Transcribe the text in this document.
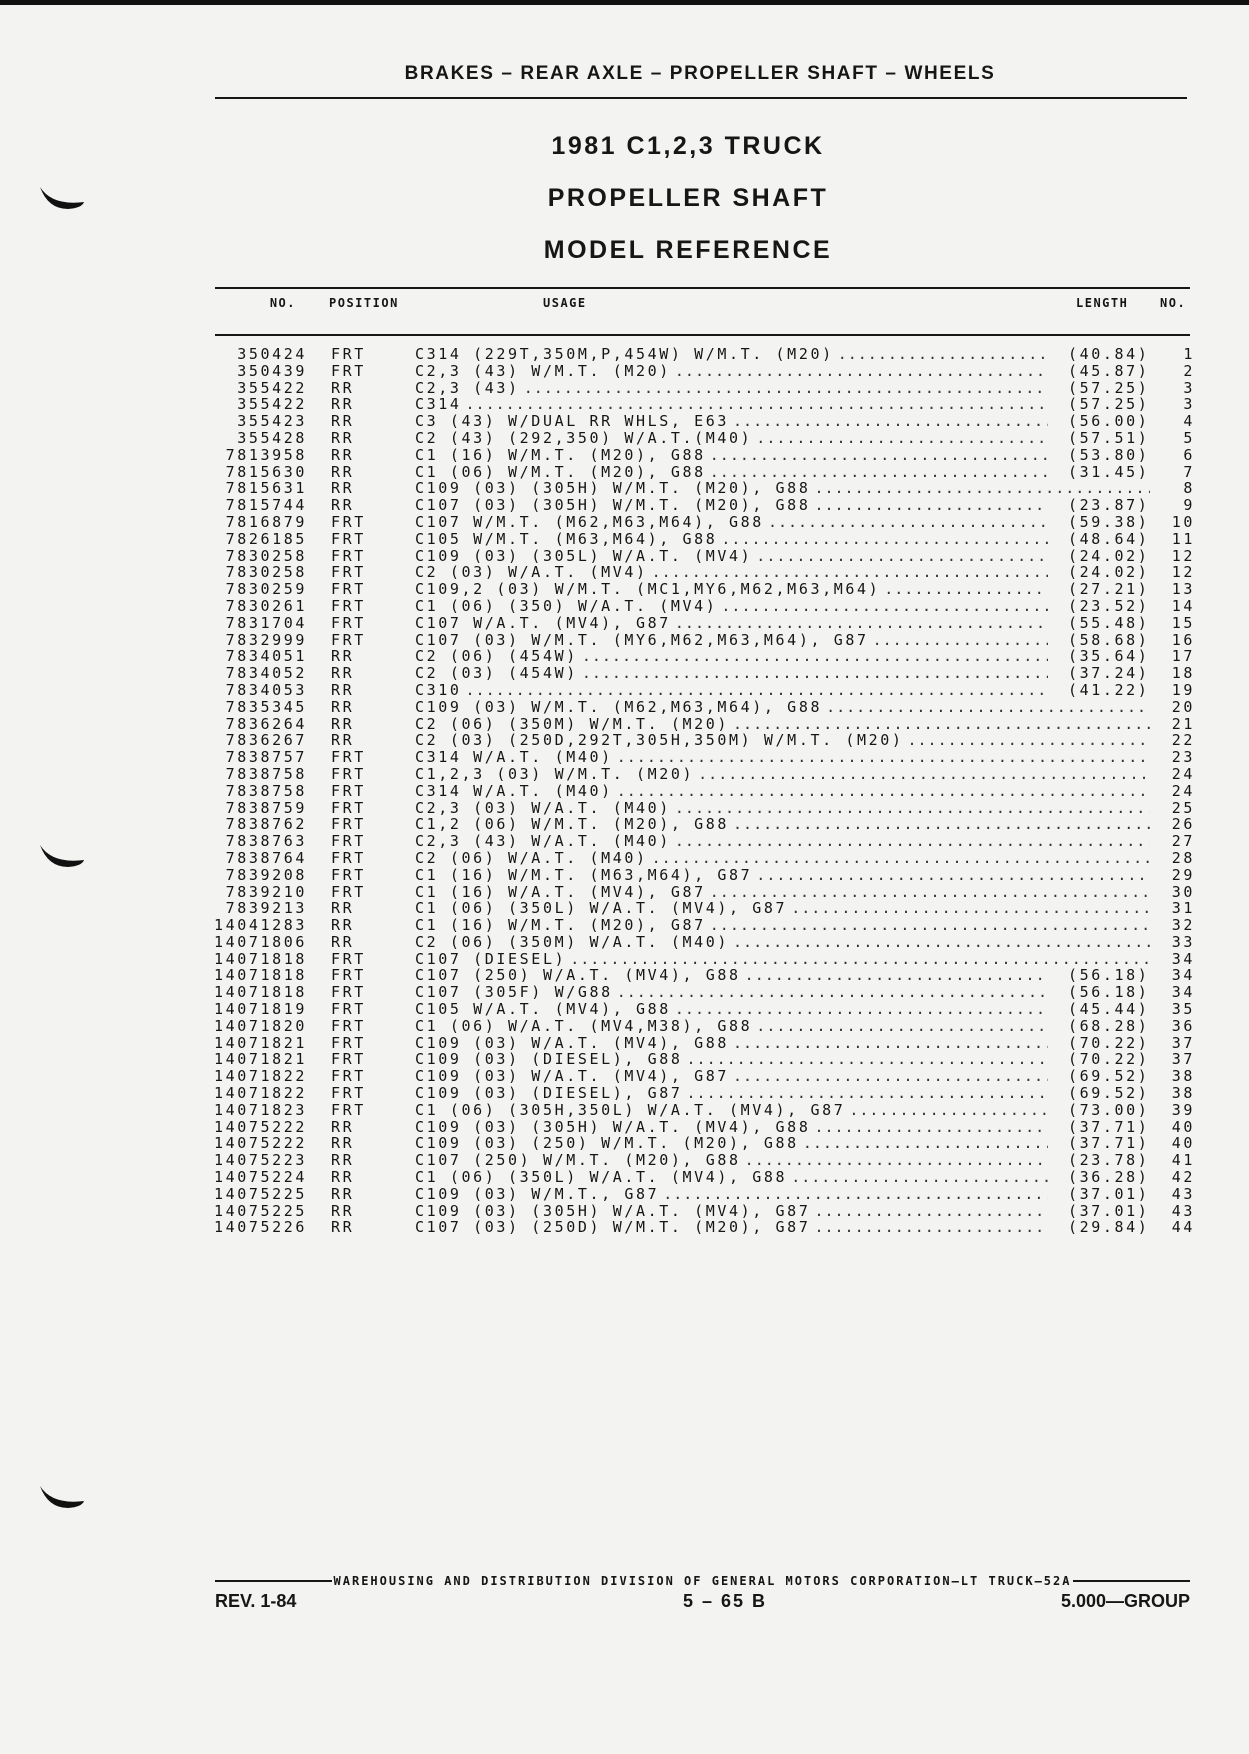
BRAKES – REAR AXLE – PROPELLER SHAFT – WHEELS
1981 C1,2,3 TRUCK
PROPELLER SHAFT
MODEL REFERENCE
NO.	POSITION	USAGE	LENGTH	NO.
350424 FRT	C314 (229T,350M,P,454W) W/M.T. (M20) .....	(40.84)	1
350439 FRT	C2,3 (43) W/M.T. (M20) .....	(45.87)	2
355422 RR	C2,3 (43) .....	(57.25)	3
355422 RR	C314 .....	(57.25)	3
355423 RR	C3 (43) W/DUAL RR WHLS, E63 .....	(56.00)	4
355428 RR	C2 (43) (292,350) W/A.T.(M40) .....	(57.51)	5
7813958 RR	C1 (16) W/M.T. (M20), G88 .....	(53.80)	6
7815630 RR	C1 (06) W/M.T. (M20), G88 .....	(31.45)	7
7815631 RR	C109 (03) (305H) W/M.T. (M20), G88 .....	8
7815744 RR	C107 (03) (305H) W/M.T. (M20), G88 .....	(23.87)	9
7816879 FRT	C107 W/M.T. (M62,M63,M64), G88 .....	(59.38)	10
7826185 FRT	C105 W/M.T. (M63,M64), G88 .....	(48.64)	11
7830258 FRT	C109 (03) (305L) W/A.T. (MV4) .....	(24.02)	12
7830258 FRT	C2 (03) W/A.T. (MV4) .....	(24.02)	12
7830259 FRT	C109,2 (03) W/M.T. (MC1,MY6,M62,M63,M64) .....	(27.21)	13
7830261 FRT	C1 (06) (350) W/A.T. (MV4) .....	(23.52)	14
7831704 FRT	C107 W/A.T. (MV4), G87 .....	(55.48)	15
7832999 FRT	C107 (03) W/M.T. (MY6,M62,M63,M64), G87 .....	(58.68)	16
7834051 RR	C2 (06) (454W) .....	(35.64)	17
7834052 RR	C2 (03) (454W) .....	(37.24)	18
7834053 RR	C310 .....	(41.22)	19
7835345 RR	C109 (03) W/M.T. (M62,M63,M64), G88 .....	20
7836264 RR	C2 (06) (350M) W/M.T. (M20) .....	21
7836267 RR	C2 (03) (250D,292T,305H,350M) W/M.T. (M20) .....	22
7838757 FRT	C314 W/A.T. (M40) .....	23
7838758 FRT	C1,2,3 (03) W/M.T. (M20) .....	24
7838758 FRT	C314 W/A.T. (M40) .....	24
7838759 FRT	C2,3 (03) W/A.T. (M40) .....	25
7838762 FRT	C1,2 (06) W/M.T. (M20), G88 .....	26
7838763 FRT	C2,3 (43) W/A.T. (M40) .....	27
7838764 FRT	C2 (06) W/A.T. (M40) .....	28
7839208 FRT	C1 (16) W/M.T. (M63,M64), G87 .....	29
7839210 FRT	C1 (16) W/A.T. (MV4), G87 .....	30
7839213 RR	C1 (06) (350L) W/A.T. (MV4), G87 .....	31
14041283 RR	C1 (16) W/M.T. (M20), G87 .....	32
14071806 RR	C2 (06) (350M) W/A.T. (M40) .....	33
14071818 FRT	C107 (DIESEL) .....	34
14071818 FRT	C107 (250) W/A.T. (MV4), G88 .....	(56.18)	34
14071818 FRT	C107 (305F) W/G88 .....	(56.18)	34
14071819 FRT	C105 W/A.T. (MV4), G88 .....	(45.44)	35
14071820 FRT	C1 (06) W/A.T. (MV4,M38), G88 .....	(68.28)	36
14071821 FRT	C109 (03) W/A.T. (MV4), G88 .....	(70.22)	37
14071821 FRT	C109 (03) (DIESEL), G88 .....	(70.22)	37
14071822 FRT	C109 (03) W/A.T. (MV4), G87 .....	(69.52)	38
14071822 FRT	C109 (03) (DIESEL), G87 .....	(69.52)	38
14071823 FRT	C1 (06) (305H,350L) W/A.T. (MV4), G87 .....	(73.00)	39
14075222 RR	C109 (03) (305H) W/A.T. (MV4), G88 .....	(37.71)	40
14075222 RR	C109 (03) (250) W/M.T. (M20), G88 .....	(37.71)	40
14075223 RR	C107 (250) W/M.T. (M20), G88 .....	(23.78)	41
14075224 RR	C1 (06) (350L) W/A.T. (MV4), G88 .....	(36.28)	42
14075225 RR	C109 (03) W/M.T., G87 .....	(37.01)	43
14075225 RR	C109 (03) (305H) W/A.T. (MV4), G87 .....	(37.01)	43
14075226 RR	C107 (03) (250D) W/M.T. (M20), G87 .....	(29.84)	44
WAREHOUSING AND DISTRIBUTION DIVISION OF GENERAL MOTORS CORPORATION—LT TRUCK—52A
REV. 1-84	5 – 65 B	5.000—GROUP
